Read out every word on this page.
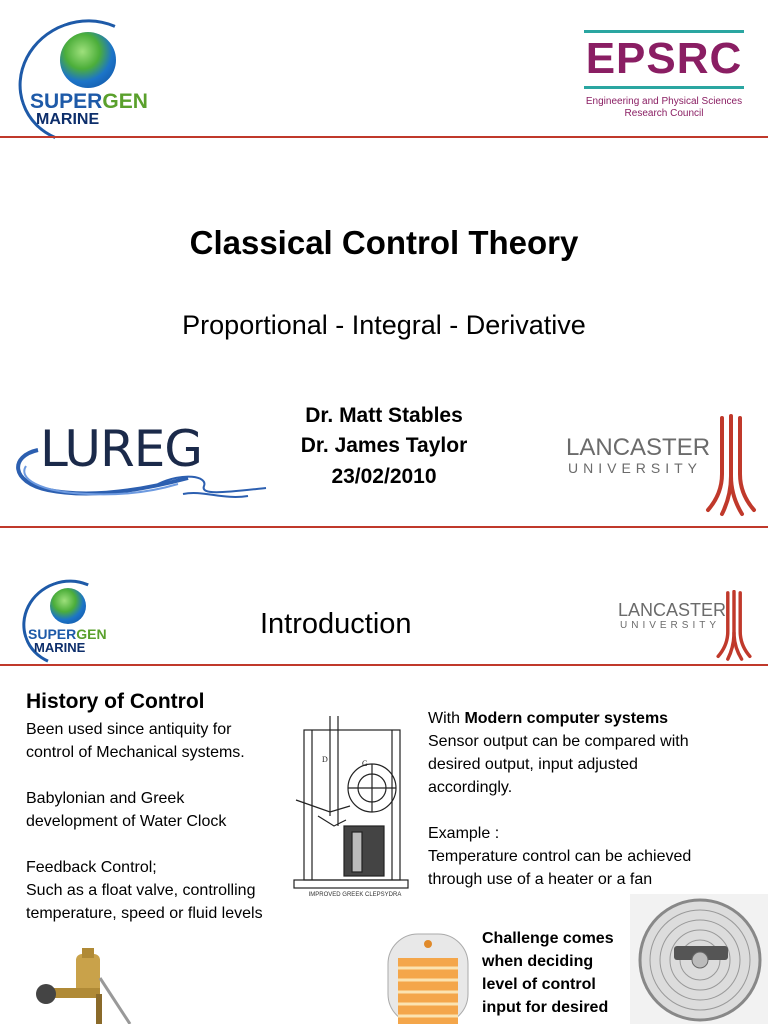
SUPERGEN
MARINE
EPSRC
Engineering and Physical Sciences
Research Council
Classical Control Theory
Proportional - Integral - Derivative
Dr. Matt Stables
Dr. James Taylor
23/02/2010
LUREG	LANCASTER
UNIVERSITY
SUPERGEN
MARINE
Introduction	LANCASTER
UNIVERSITY
History of Control
Been used since antiquity for
control of Mechanical systems.
Babylonian and Greek
development of Water Clock
Feedback Control;
Such as a float valve, controlling
temperature, speed or fluid levels
D	G
IMPROVED GREEK CLEPSYDRA
With Modern computer systems
Sensor output can be compared with
desired output, input adjusted
accordingly.
Example :
Temperature control can be achieved
through use of a heater or a fan
Challenge comes
when deciding
level of control
input for desired
